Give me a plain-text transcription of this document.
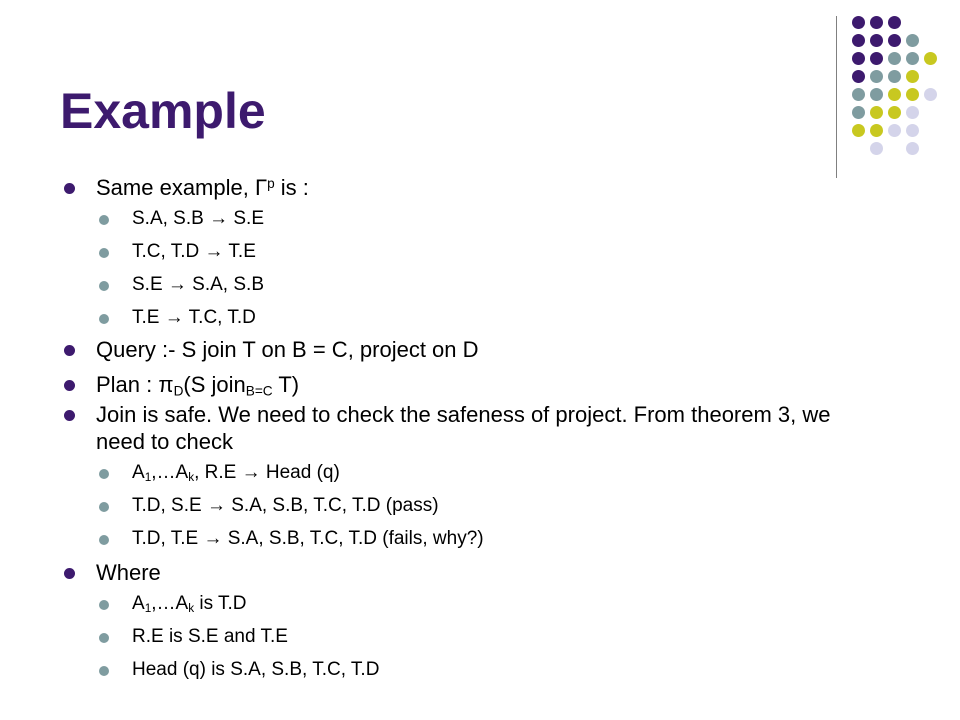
Example

Same example, $\Gamma^p$ is :

S.A, S.B → S.E

T.C, T.D → T.E

S.E → S.A, S.B

T.E → T.C, T.D

Query :- S join T on B = C, project on D

Plan : $\pi_D(S$ join$_{B=C}$ T)

Join is safe. We need to check the safeness of project. From theorem 3, we need to check

$A_1,\dots A_k$, R.E → Head (q)

T.D, S.E → S.A, S.B, T.C, T.D (pass)

T.D, T.E → S.A, S.B, T.C, T.D (fails, why?)

Where

$A_1,\dots A_k$ is T.D

R.E is S.E and T.E

Head (q) is S.A, S.B, T.C, T.D
